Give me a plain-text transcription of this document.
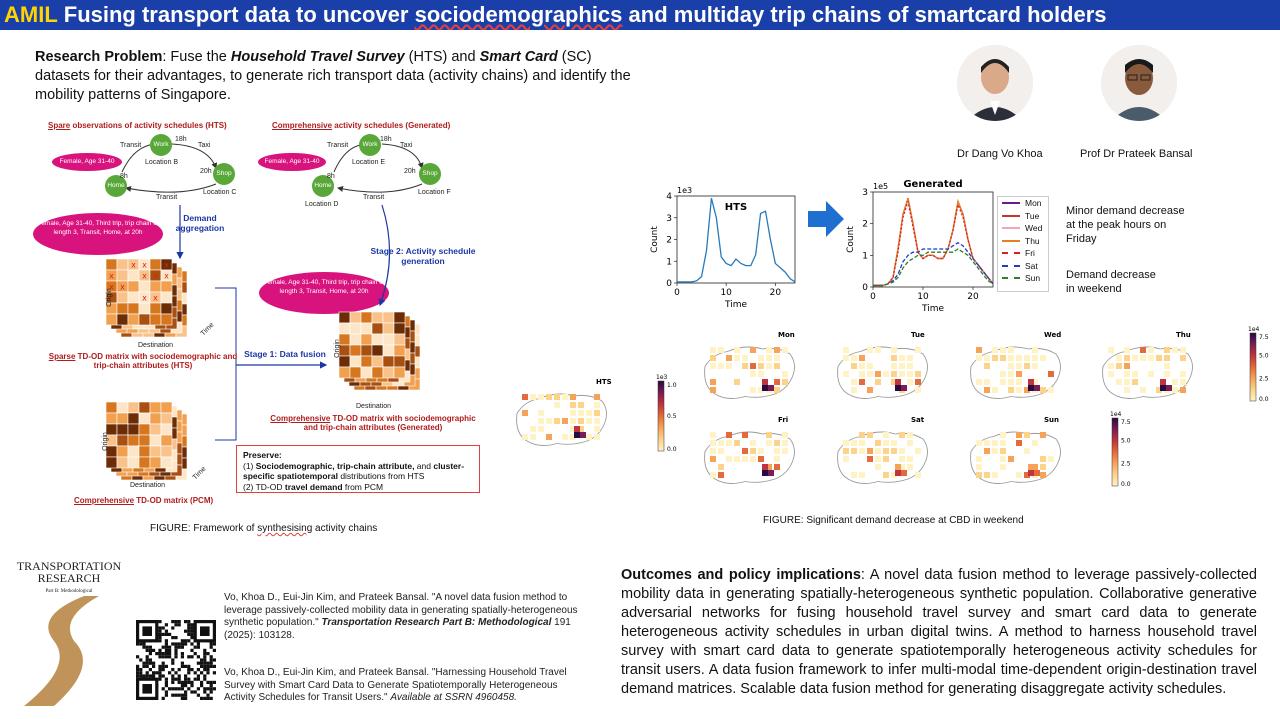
AMIL Fusing transport data to uncover sociodemographics and multiday trip chains of smartcard holders
Research Problem: Fuse the Household Travel Survey (HTS) and Smart Card (SC) datasets for their advantages, to generate rich transport data (activity chains) and identify the mobility patterns of Singapore.
Spare observations of activity schedules (HTS)	Comprehensive activity schedules (Generated)
Work
Shop
Home
Transit
18h
Taxi
Location B
20h
8h
Location C
Transit
Female, Age 31-40
Work
Shop
Home
Transit
18h
Taxi
Location E
20h
8h
Location D
Location F
Transit
Female, Age 31-40
Female, Age 31-40, Third trip, trip chain of length 3, Transit, Home, at 20h
Female, Age 31-40, Third trip, trip chain of length 3, Transit, Home, at 20h
Demand aggregation
Stage 2: Activity schedule generation
Stage 1: Data fusion
x x x
x	x x x
x x
x x
Origin
Destination
Time
Sparse TD-OD matrix with sociodemographic and trip-chain attributes (HTS)
Origin
Destination
Comprehensive TD-OD matrix with sociodemographic and trip-chain attributes (Generated)
Origin
Destination
Time
Comprehensive TD-OD matrix (PCM)
Preserve:
(1) Sociodemographic, trip-chain attribute, and cluster-specific spatiotemporal distributions from HTS
(2) TD-OD travel demand from PCM
FIGURE: Framework of synthesising activity chains
Dr Dang Vo Khoa	Prof Dr Prateek Bansal
0	10	20
0
1
2
3
4
1e3
HTS
Time
Count
0	10	20
0
1
2
3
1e5 Generated
Time
Count
Mon
Tue
Wed
Thu
Fri
Sat
Sun
Minor demand decrease at the peak hours on Friday
Demand decrease in weekend
HTS
Mon	Tue	Wed	Thu
Fri	Sat	Sun
1e3
1.0
0.5
0.0
1e4
7.5
5.0
2.5
0.0
1e4
7.5
5.0
2.5
0.0
FIGURE: Significant demand decrease at CBD in weekend
TRANSPORTATION
RESEARCH
Part B: Methodological
Vo, Khoa D., Eui-Jin Kim, and Prateek Bansal. "A novel data fusion method to leverage passively-collected mobility data in generating spatially-heterogeneous synthetic population." Transportation Research Part B: Methodological 191 (2025): 103128.
Vo, Khoa D., Eui-Jin Kim, and Prateek Bansal. "Harnessing Household Travel Survey with Smart Card Data to Generate Spatiotemporally Heterogeneous Activity Schedules for Transit Users." Available at SSRN 4960458.
Outcomes and policy implications: A novel data fusion method to leverage passively-collected mobility data in generating spatially-heterogeneous synthetic population. Collaborative generative adversarial networks for fusing household travel survey and smart card data to generate heterogeneous activity schedules in urban digital twins. A method to harness household travel survey with smart card data to generate spatiotemporally heterogeneous activity schedules for transit users. A data fusion framework to infer multi-modal time-dependent origin-destination travel demand matrices. Scalable data fusion method for generating disaggregate activity schedules.
